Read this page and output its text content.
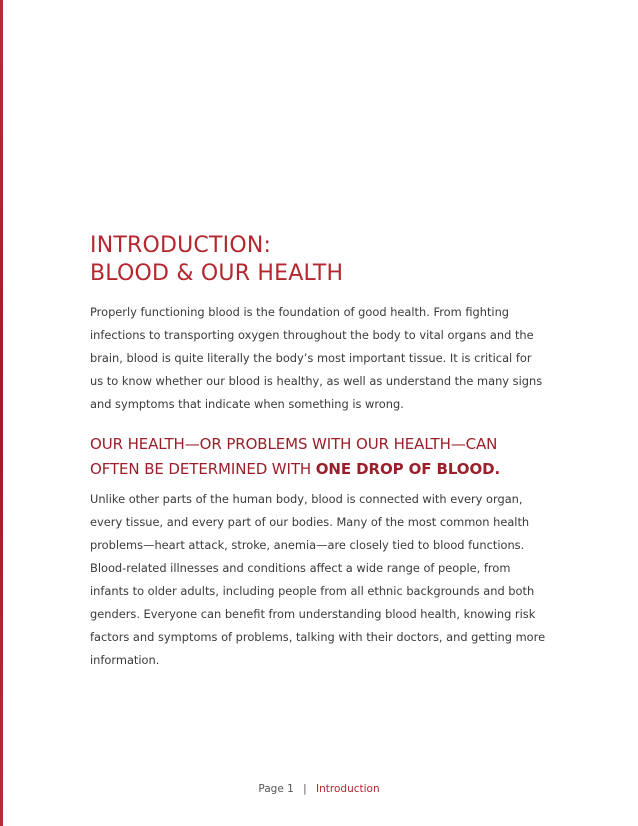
INTRODUCTION:
BLOOD & OUR HEALTH

Properly functioning blood is the foundation of good health. From fighting infections to transporting oxygen throughout the body to vital organs and the brain, blood is quite literally the body’s most important tissue. It is critical for us to know whether our blood is healthy, as well as understand the many signs and symptoms that indicate when something is wrong.

OUR HEALTH—OR PROBLEMS WITH OUR HEALTH—CAN OFTEN BE DETERMINED WITH ONE DROP OF BLOOD.

Unlike other parts of the human body, blood is connected with every organ, every tissue, and every part of our bodies. Many of the most common health problems—heart attack, stroke, anemia—are closely tied to blood functions. Blood-related illnesses and conditions affect a wide range of people, from infants to older adults, including people from all ethnic backgrounds and both genders. Everyone can benefit from understanding blood health, knowing risk factors and symptoms of problems, talking with their doctors, and getting more information.

Page 1 | Introduction
